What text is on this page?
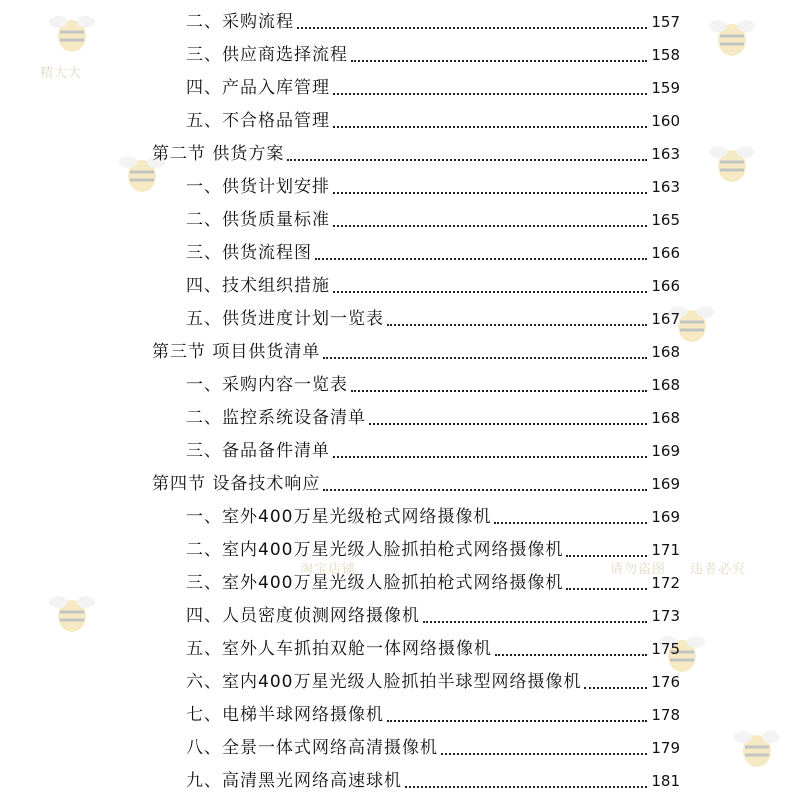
精大大
淘宝店铺	请勿盗图 违者必究
二、采购流程	157
三、供应商选择流程	158
四、产品入库管理	159
五、不合格品管理	160
第二节 供货方案	163
一、供货计划安排	163
二、供货质量标准	165
三、供货流程图	166
四、技术组织措施	166
五、供货进度计划一览表	167
第三节 项目供货清单	168
一、采购内容一览表	168
二、监控系统设备清单	168
三、备品备件清单	169
第四节 设备技术响应	169
一、室外400万星光级枪式网络摄像机	169
二、室内400万星光级人脸抓拍枪式网络摄像机	171
三、室外400万星光级人脸抓拍枪式网络摄像机	172
四、人员密度侦测网络摄像机	173
五、室外人车抓拍双舱一体网络摄像机	175
六、室内400万星光级人脸抓拍半球型网络摄像机	176
七、电梯半球网络摄像机	178
八、全景一体式网络高清摄像机	179
九、高清黑光网络高速球机	181
